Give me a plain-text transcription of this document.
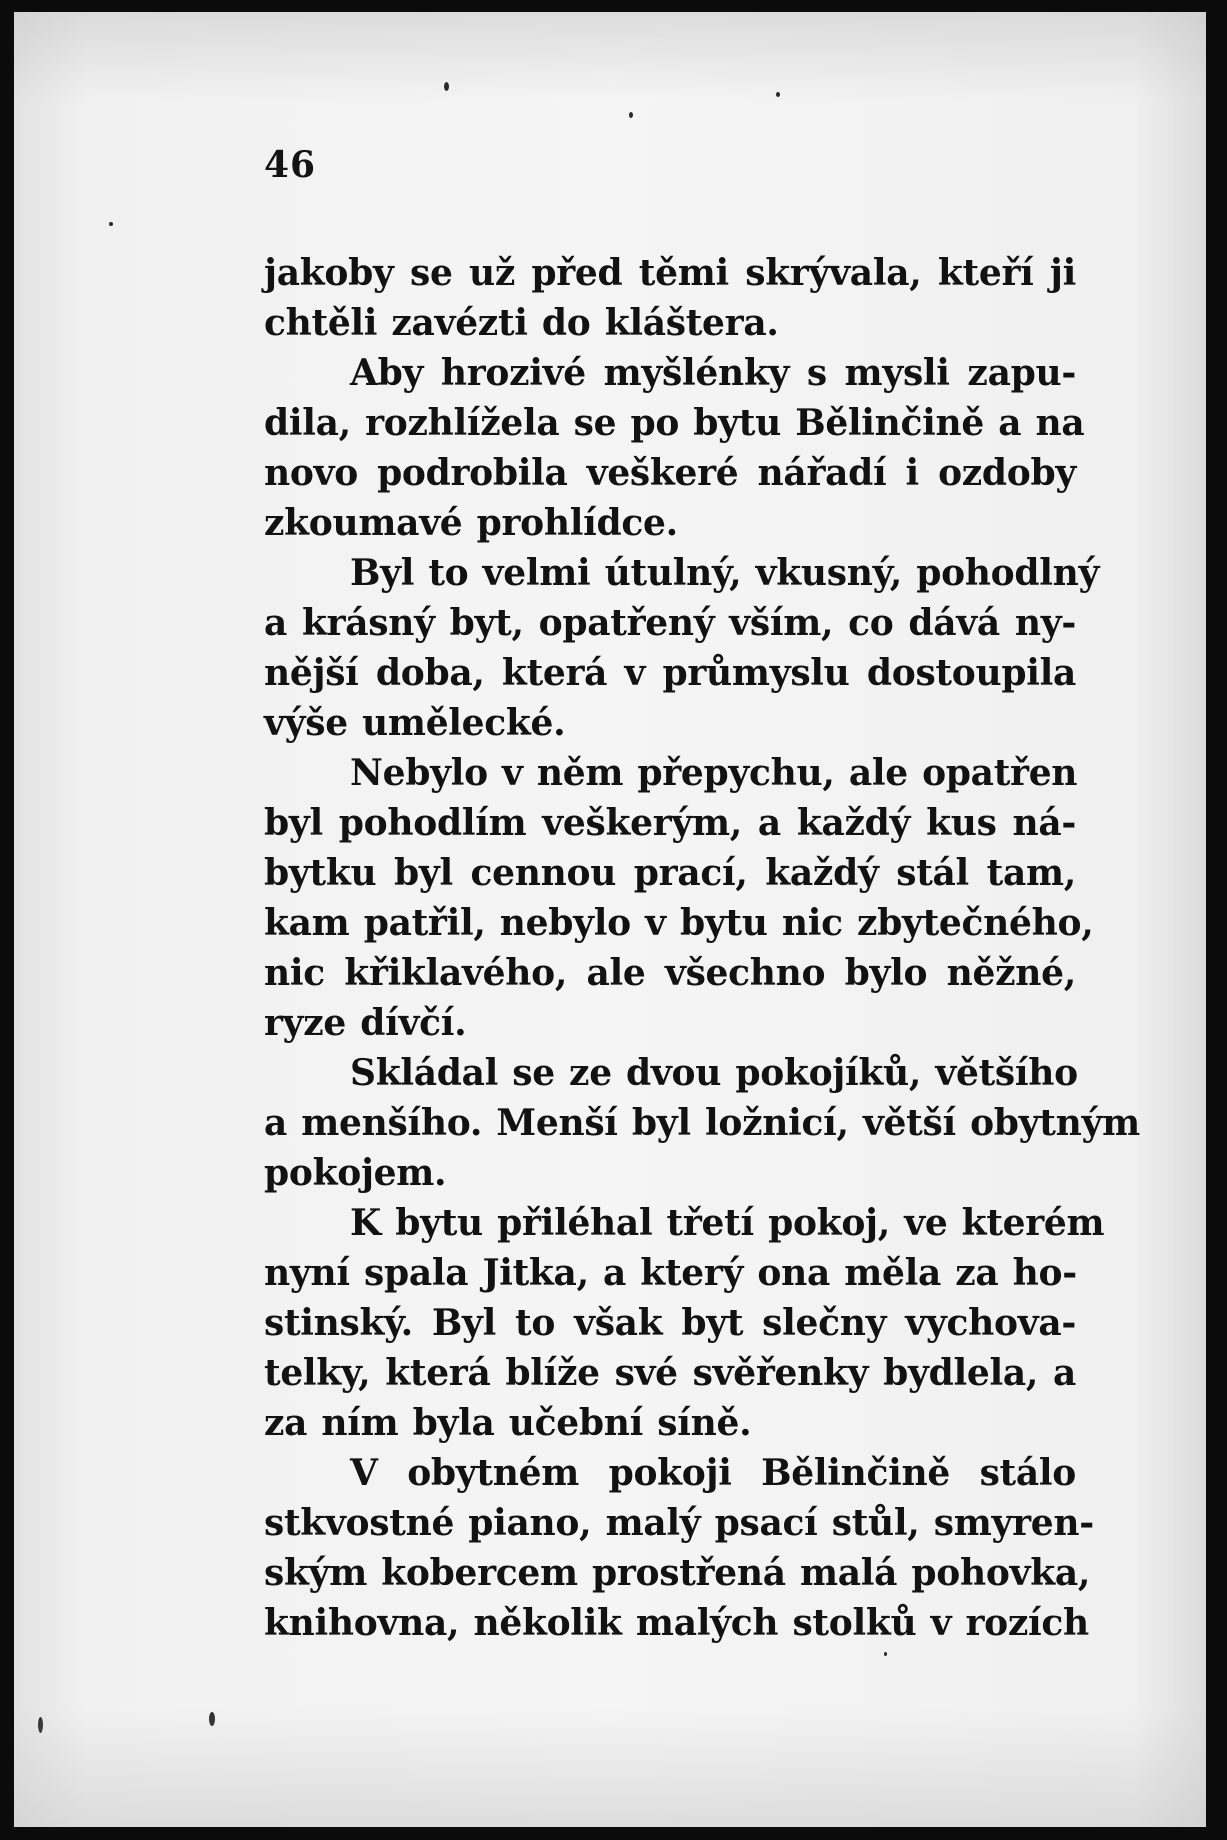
46
jakoby se už před těmi skrývala, kteří ji
chtěli zavézti do kláštera.
Aby hrozivé myšlénky s mysli zapu-
dila, rozhlížela se po bytu Bělinčině a na
novo podrobila veškeré nářadí i ozdoby
zkoumavé prohlídce.
Byl to velmi útulný, vkusný, pohodlný
a krásný byt, opatřený vším, co dává ny-
nější doba, která v průmyslu dostoupila
výše umělecké.
Nebylo v něm přepychu, ale opatřen
byl pohodlím veškerým, a každý kus ná-
bytku byl cennou prací, každý stál tam,
kam patřil, nebylo v bytu nic zbytečného,
nic křiklavého, ale všechno bylo něžné,
ryze dívčí.
Skládal se ze dvou pokojíků, většího
a menšího. Menší byl ložnicí, větší obytným
pokojem.
K bytu přiléhal třetí pokoj, ve kterém
nyní spala Jitka, a který ona měla za ho-
stinský. Byl to však byt slečny vychova-
telky, která blíže své svěřenky bydlela, a
za ním byla učební síně.
V obytném pokoji Bělinčině stálo
stkvostné piano, malý psací stůl, smyren-
ským kobercem prostřená malá pohovka,
knihovna, několik malých stolků v rozích
